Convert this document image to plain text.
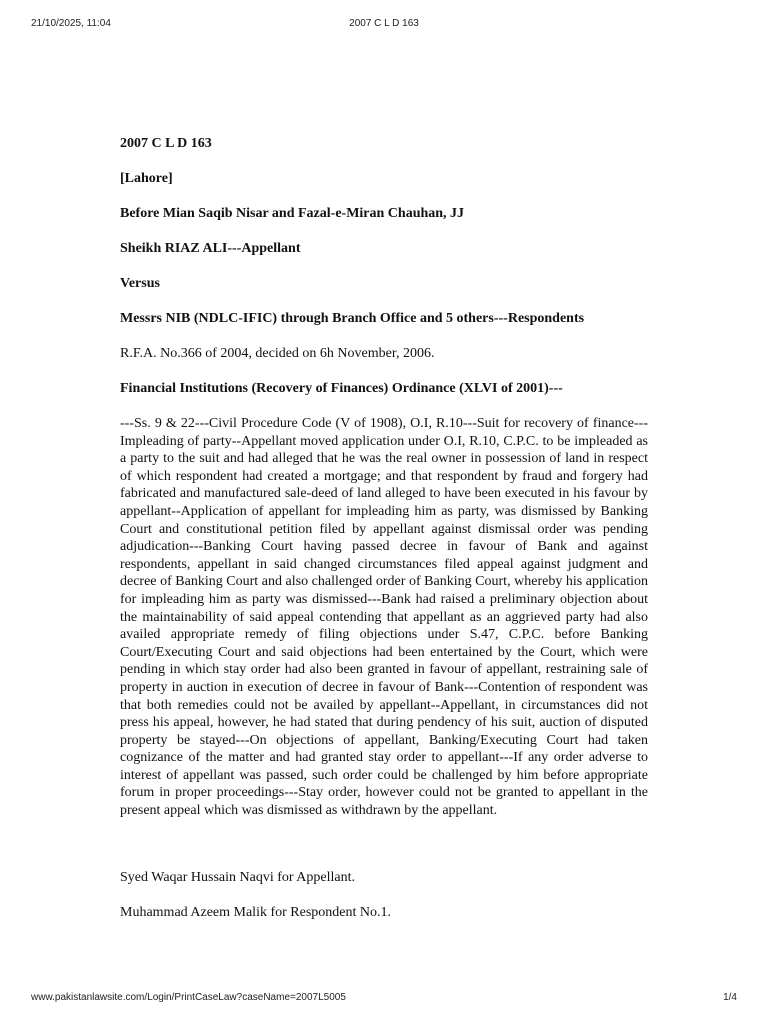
21/10/2025, 11:04	2007 C L D 163
2007 C L D 163
[Lahore]
Before Mian Saqib Nisar and Fazal-e-Miran Chauhan, JJ
Sheikh RIAZ ALI---Appellant
Versus
Messrs NIB (NDLC-IFIC) through Branch Office and 5 others---Respondents
R.F.A. No.366 of 2004, decided on 6h November, 2006.
Financial Institutions (Recovery of Finances) Ordinance (XLVI of 2001)---
---Ss. 9 & 22---Civil Procedure Code (V of 1908), O.I, R.10---Suit for recovery of finance---Impleading of party--Appellant moved application under O.I, R.10, C.P.C. to be impleaded as a party to the suit and had alleged that he was the real owner in possession of land in respect of which respondent had created a mortgage; and that respondent by fraud and forgery had fabricated and manufactured sale-deed of land alleged to have been executed in his favour by appellant--Application of appellant for impleading him as party, was dismissed by Banking Court and constitutional petition filed by appellant against dismissal order was pending adjudication---Banking Court having passed decree in favour of Bank and against respondents, appellant in said changed circumstances filed appeal against judgment and decree of Banking Court and also challenged order of Banking Court, whereby his application for impleading him as party was dismissed---Bank had raised a preliminary objection about the maintainability of said appeal contending that appellant as an aggrieved party had also availed appropriate remedy of filing objections under S.47, C.P.C. before Banking Court/Executing Court and said objections had been entertained by the Court, which were pending in which stay order had also been granted in favour of appellant, restraining sale of property in auction in execution of decree in favour of Bank---Contention of respondent was that both remedies could not be availed by appellant--Appellant, in circumstances did not press his appeal, however, he had stated that during pendency of his suit, auction of disputed property be stayed---On objections of appellant, Banking/Executing Court had taken cognizance of the matter and had granted stay order to appellant---If any order adverse to interest of appellant was passed, such order could be challenged by him before appropriate forum in proper proceedings---Stay order, however could not be granted to appellant in the present appeal which was dismissed as withdrawn by the appellant.
Syed Waqar Hussain Naqvi for Appellant.
Muhammad Azeem Malik for Respondent No.1.
www.pakistanlawsite.com/Login/PrintCaseLaw?caseName=2007L5005	1/4
